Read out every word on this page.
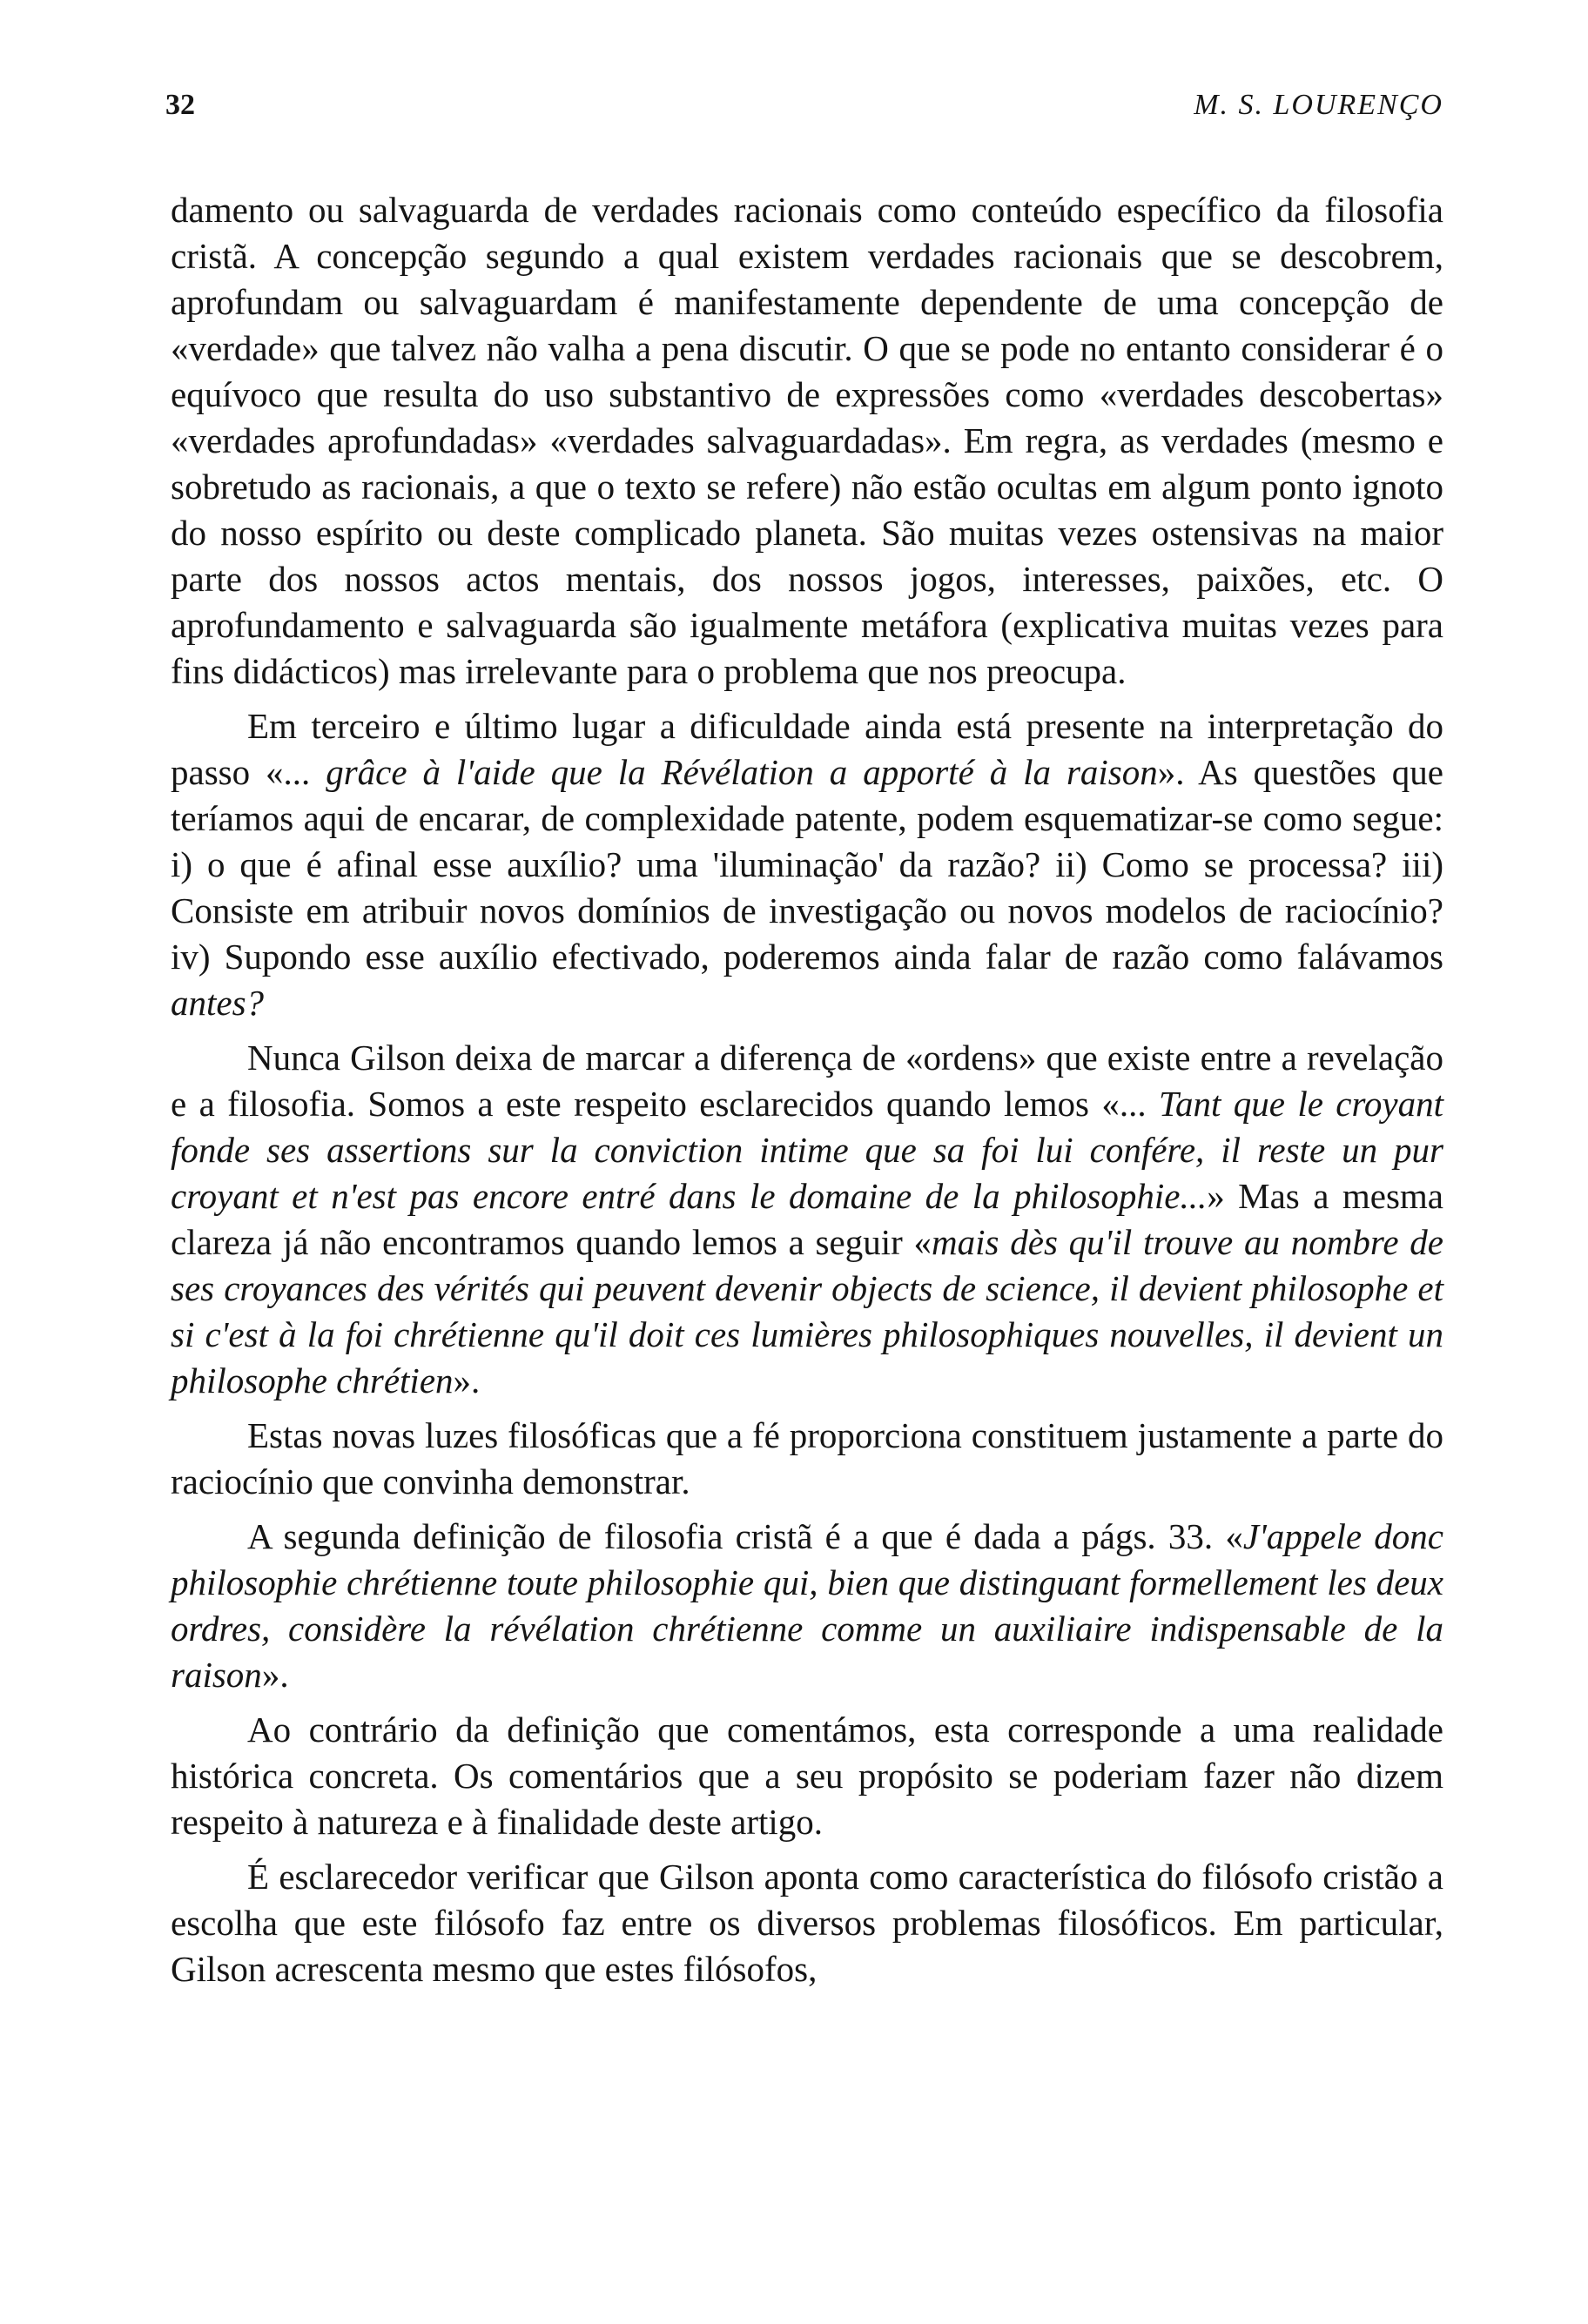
32	M. S. LOURENÇO

damento ou salvaguarda de verdades racionais como conteúdo específico da filosofia cristã. A concepção segundo a qual existem verdades racionais que se descobrem, aprofundam ou salvaguardam é manifestamente dependente de uma concepção de «verdade» que talvez não valha a pena discutir. O que se pode no entanto considerar é o equívoco que resulta do uso substantivo de expressões como «verdades descobertas» «verdades aprofundadas» «verdades salvaguardadas». Em regra, as verdades (mesmo e sobretudo as racionais, a que o texto se refere) não estão ocultas em algum ponto ignoto do nosso espírito ou deste complicado planeta. São muitas vezes ostensivas na maior parte dos nossos actos mentais, dos nossos jogos, interesses, paixões, etc. O aprofundamento e salvaguarda são igualmente metáfora (explicativa muitas vezes para fins didácticos) mas irrelevante para o problema que nos preocupa.

Em terceiro e último lugar a dificuldade ainda está presente na interpretação do passo «... grâce à l'aide que la Révélation a apporté à la raison». As questões que teríamos aqui de encarar, de complexidade patente, podem esquematizar-se como segue: i) o que é afinal esse auxílio? uma 'iluminação' da razão? ii) Como se processa? iii) Consiste em atribuir novos domínios de investigação ou novos modelos de raciocínio? iv) Supondo esse auxílio efectivado, poderemos ainda falar de razão como falávamos antes?

Nunca Gilson deixa de marcar a diferença de «ordens» que existe entre a revelação e a filosofia. Somos a este respeito esclarecidos quando lemos «... Tant que le croyant fonde ses assertions sur la conviction intime que sa foi lui confére, il reste un pur croyant et n'est pas encore entré dans le domaine de la philosophie...» Mas a mesma clareza já não encontramos quando lemos a seguir «mais dès qu'il trouve au nombre de ses croyances des vérités qui peuvent devenir objects de science, il devient philosophe et si c'est à la foi chrétienne qu'il doit ces lumières philosophiques nouvelles, il devient un philosophe chrétien».

Estas novas luzes filosóficas que a fé proporciona constituem justamente a parte do raciocínio que convinha demonstrar.

A segunda definição de filosofia cristã é a que é dada a págs. 33. «J'appele donc philosophie chrétienne toute philosophie qui, bien que distinguant formellement les deux ordres, considère la révélation chrétienne comme un auxiliaire indispensable de la raison».

Ao contrário da definição que comentámos, esta corresponde a uma realidade histórica concreta. Os comentários que a seu propósito se poderiam fazer não dizem respeito à natureza e à finalidade deste artigo.

É esclarecedor verificar que Gilson aponta como característica do filósofo cristão a escolha que este filósofo faz entre os diversos problemas filosóficos. Em particular, Gilson acrescenta mesmo que estes filósofos,
